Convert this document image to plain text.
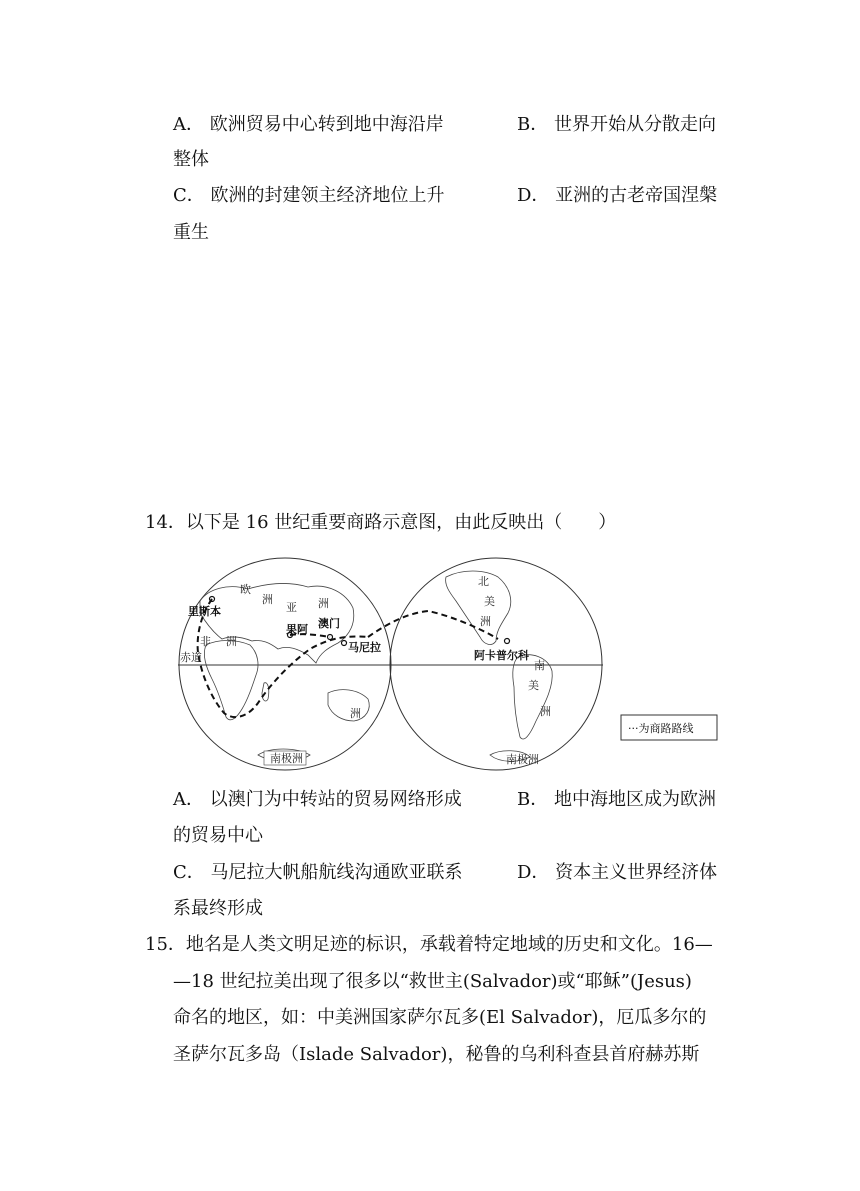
A． 欧洲贸易中心转到地中海沿岸	B． 世界开始从分散走向
整体
C． 欧洲的封建领主经济地位上升	D． 亚洲的古老帝国涅槃
重生
14．以下是 16 世纪重要商路示意图，由此反映出（　　）
欧
洲
亚 洲
里斯本
果阿 澳门
马尼拉
非 洲
赤道
洲
南极洲
北
美
洲
阿卡普尔科
南
美
洲
南极洲
···为商路路线
A． 以澳门为中转站的贸易网络形成	B． 地中海地区成为欧洲
的贸易中心
C． 马尼拉大帆船航线沟通欧亚联系	D． 资本主义世界经济体
系最终形成
15．地名是人类文明足迹的标识，承载着特定地域的历史和文化。16—
—18 世纪拉美出现了很多以“救世主(Salvador)或“耶稣”(Jesus)
命名的地区，如：中美洲国家萨尔瓦多(El Salvador)，厄瓜多尔的
圣萨尔瓦多岛（Islade Salvador)，秘鲁的乌利科查县首府赫苏斯
